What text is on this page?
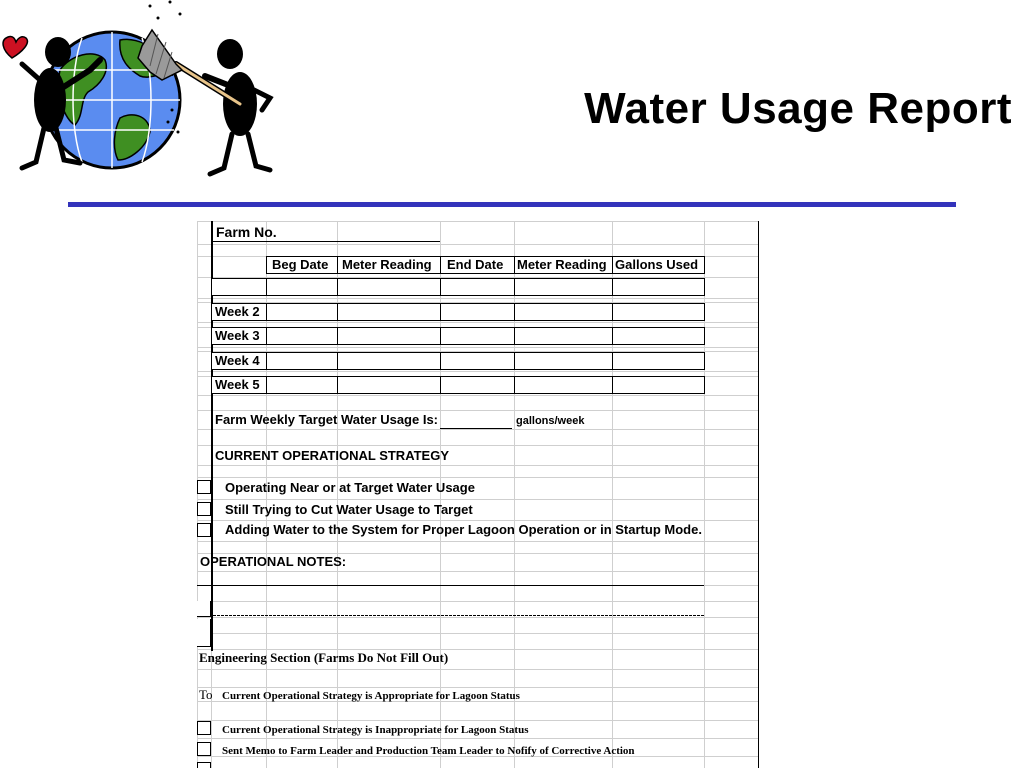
Water Usage Report
Farm No.
Beg Date Meter Reading End Date Meter Reading Gallons Used
Week 2
Week 3
Week 4
Week 5
Farm Weekly Target Water Usage Is:	gallons/week
CURRENT OPERATIONAL STRATEGY
Operating Near or at Target Water Usage
Still Trying to Cut Water Usage to Target
Adding Water to the System for Proper Lagoon Operation or in Startup Mode.
OPERATIONAL NOTES:
Engineering Section (Farms Do Not Fill Out)
To Current Operational Strategy is Appropriate for Lagoon Status
Current Operational Strategy is Inappropriate for Lagoon Status
Sent Memo to Farm Leader and Production Team Leader to Nofify of Corrective Action
